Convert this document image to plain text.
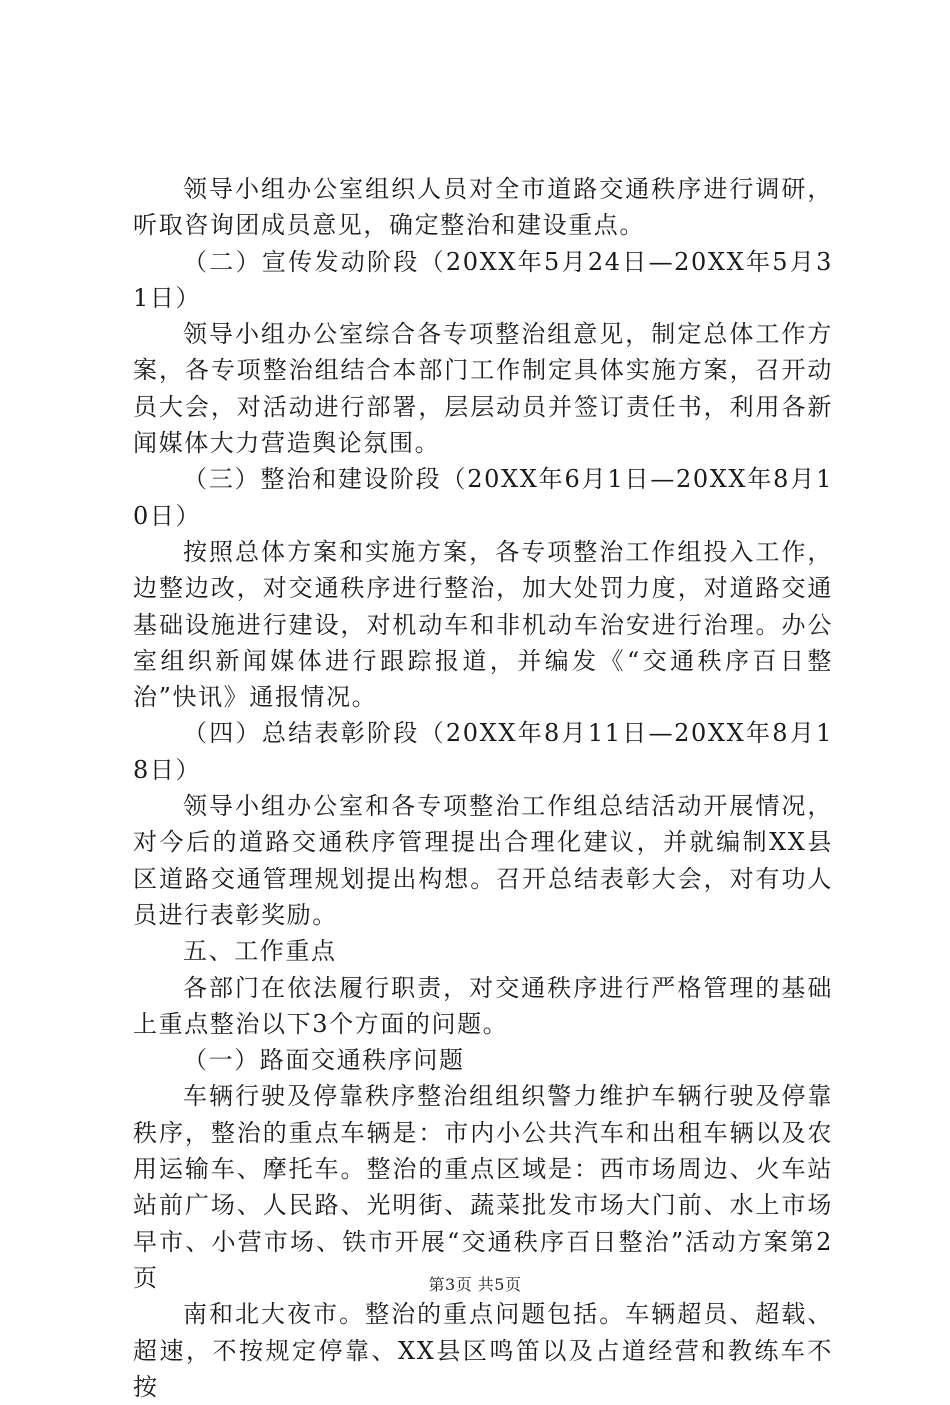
领导小组办公室组织人员对全市道路交通秩序进行调研，听取咨询团成员意见，确定整治和建设重点。

（二）宣传发动阶段（20XX年5月24日—20XX年5月31日）

领导小组办公室综合各专项整治组意见，制定总体工作方案，各专项整治组结合本部门工作制定具体实施方案，召开动员大会，对活动进行部署，层层动员并签订责任书，利用各新闻媒体大力营造舆论氛围。

（三）整治和建设阶段（20XX年6月1日—20XX年8月10日）

按照总体方案和实施方案，各专项整治工作组投入工作，边整边改，对交通秩序进行整治，加大处罚力度，对道路交通基础设施进行建设，对机动车和非机动车治安进行治理。办公室组织新闻媒体进行跟踪报道，并编发《“交通秩序百日整治”快讯》通报情况。

（四）总结表彰阶段（20XX年8月11日—20XX年8月18日）

领导小组办公室和各专项整治工作组总结活动开展情况，对今后的道路交通秩序管理提出合理化建议，并就编制XX县区道路交通管理规划提出构想。召开总结表彰大会，对有功人员进行表彰奖励。

五、工作重点

各部门在依法履行职责，对交通秩序进行严格管理的基础上重点整治以下3个方面的问题。

（一）路面交通秩序问题

车辆行驶及停靠秩序整治组组织警力维护车辆行驶及停靠秩序，整治的重点车辆是：市内小公共汽车和出租车辆以及农用运输车、摩托车。整治的重点区域是：西市场周边、火车站站前广场、人民路、光明街、蔬菜批发市场大门前、水上市场早市、小营市场、铁市开展“交通秩序百日整治”活动方案第2页

南和北大夜市。整治的重点问题包括。车辆超员、超载、超速，不按规定停靠、XX县区鸣笛以及占道经营和教练车不按

第3页 共5页
